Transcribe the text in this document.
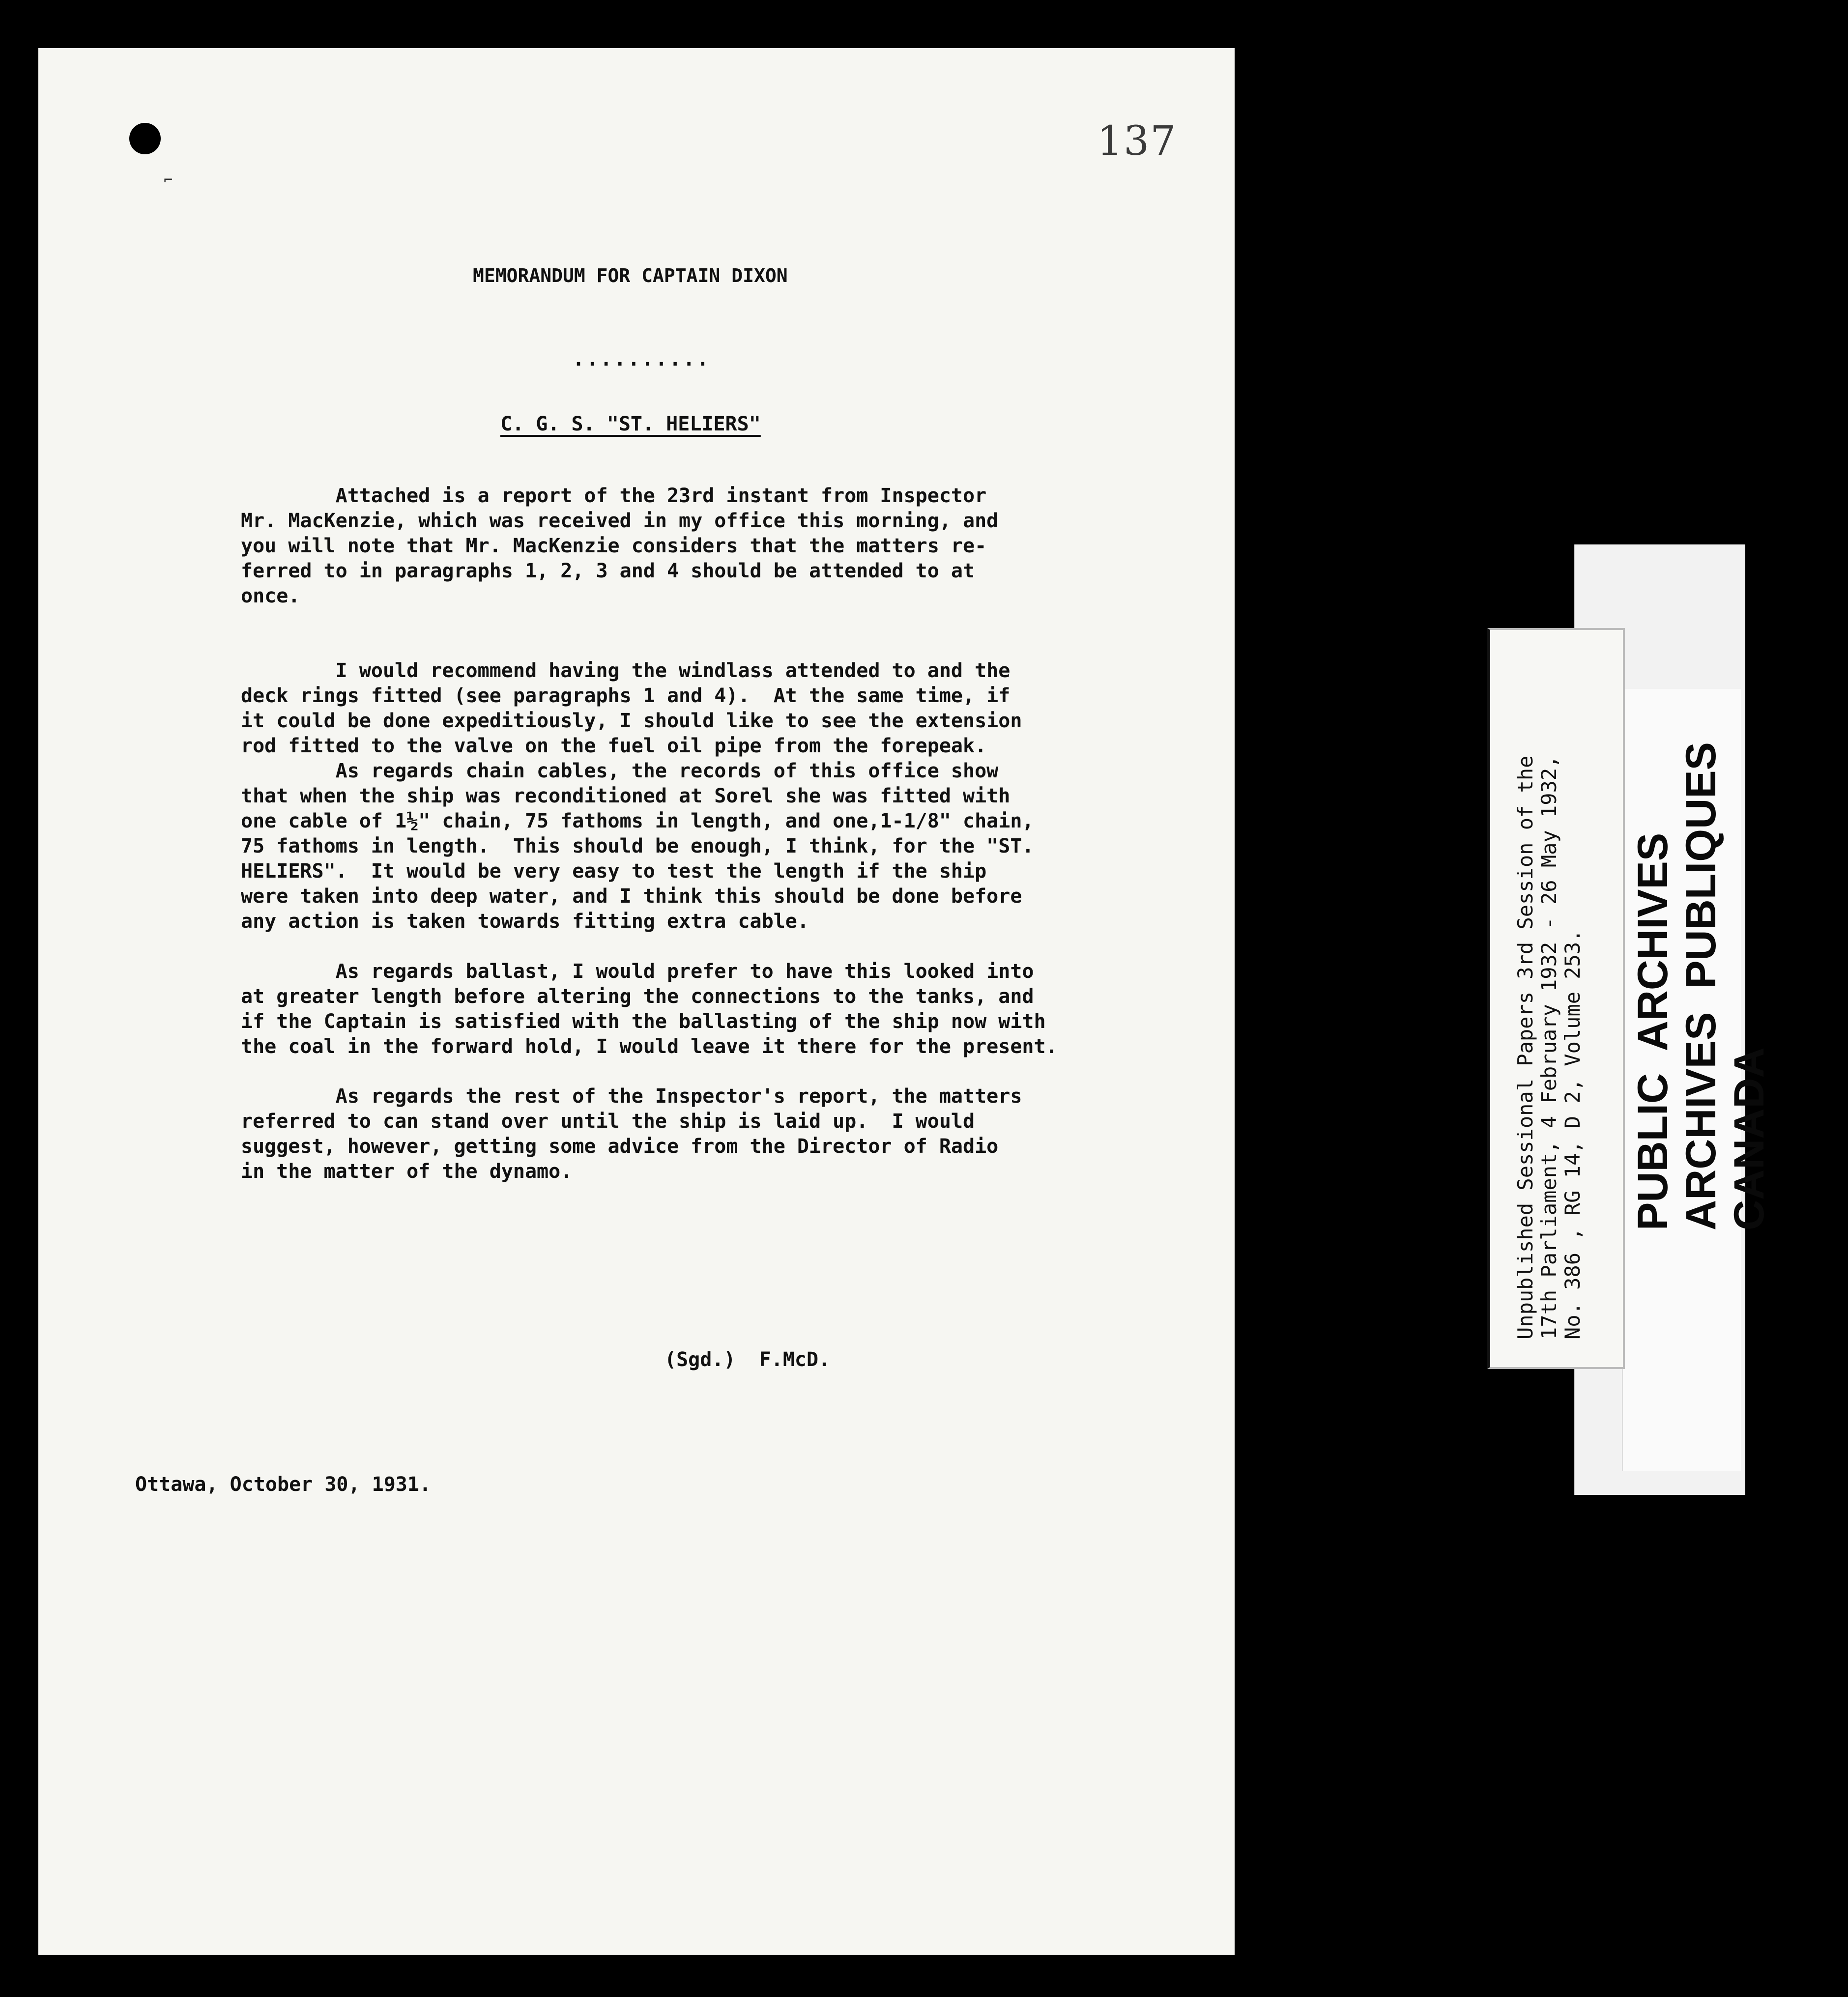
⌐
137
MEMORANDUM FOR CAPTAIN DIXON
..........
C. G. S. "ST. HELIERS"
Attached is a report of the 23rd instant from Inspector
Mr. MacKenzie, which was received in my office this morning, and
you will note that Mr. MacKenzie considers that the matters re-
ferred to in paragraphs 1, 2, 3 and 4 should be attended to at
once.
I would recommend having the windlass attended to and the
deck rings fitted (see paragraphs 1 and 4).  At the same time, if
it could be done expeditiously, I should like to see the extension
rod fitted to the valve on the fuel oil pipe from the forepeak.
As regards chain cables, the records of this office show
that when the ship was reconditioned at Sorel she was fitted with
one cable of 1½" chain, 75 fathoms in length, and one,1-1/8" chain,
75 fathoms in length.  This should be enough, I think, for the "ST.
HELIERS".  It would be very easy to test the length if the ship
were taken into deep water, and I think this should be done before
any action is taken towards fitting extra cable.
As regards ballast, I would prefer to have this looked into
at greater length before altering the connections to the tanks, and
if the Captain is satisfied with the ballasting of the ship now with
the coal in the forward hold, I would leave it there for the present.
As regards the rest of the Inspector's report, the matters
referred to can stand over until the ship is laid up.  I would
suggest, however, getting some advice from the Director of Radio
in the matter of the dynamo.
(Sgd.)  F.McD.
Ottawa, October 30, 1931.
Unpublished Sessional Papers 3rd Session of the
17th Parliament, 4 February 1932 - 26 May 1932,
No. 386 , RG 14, D 2, Volume 253.
PUBLIC  ARCHIVES
ARCHIVES  PUBLIQUES
CANADA
